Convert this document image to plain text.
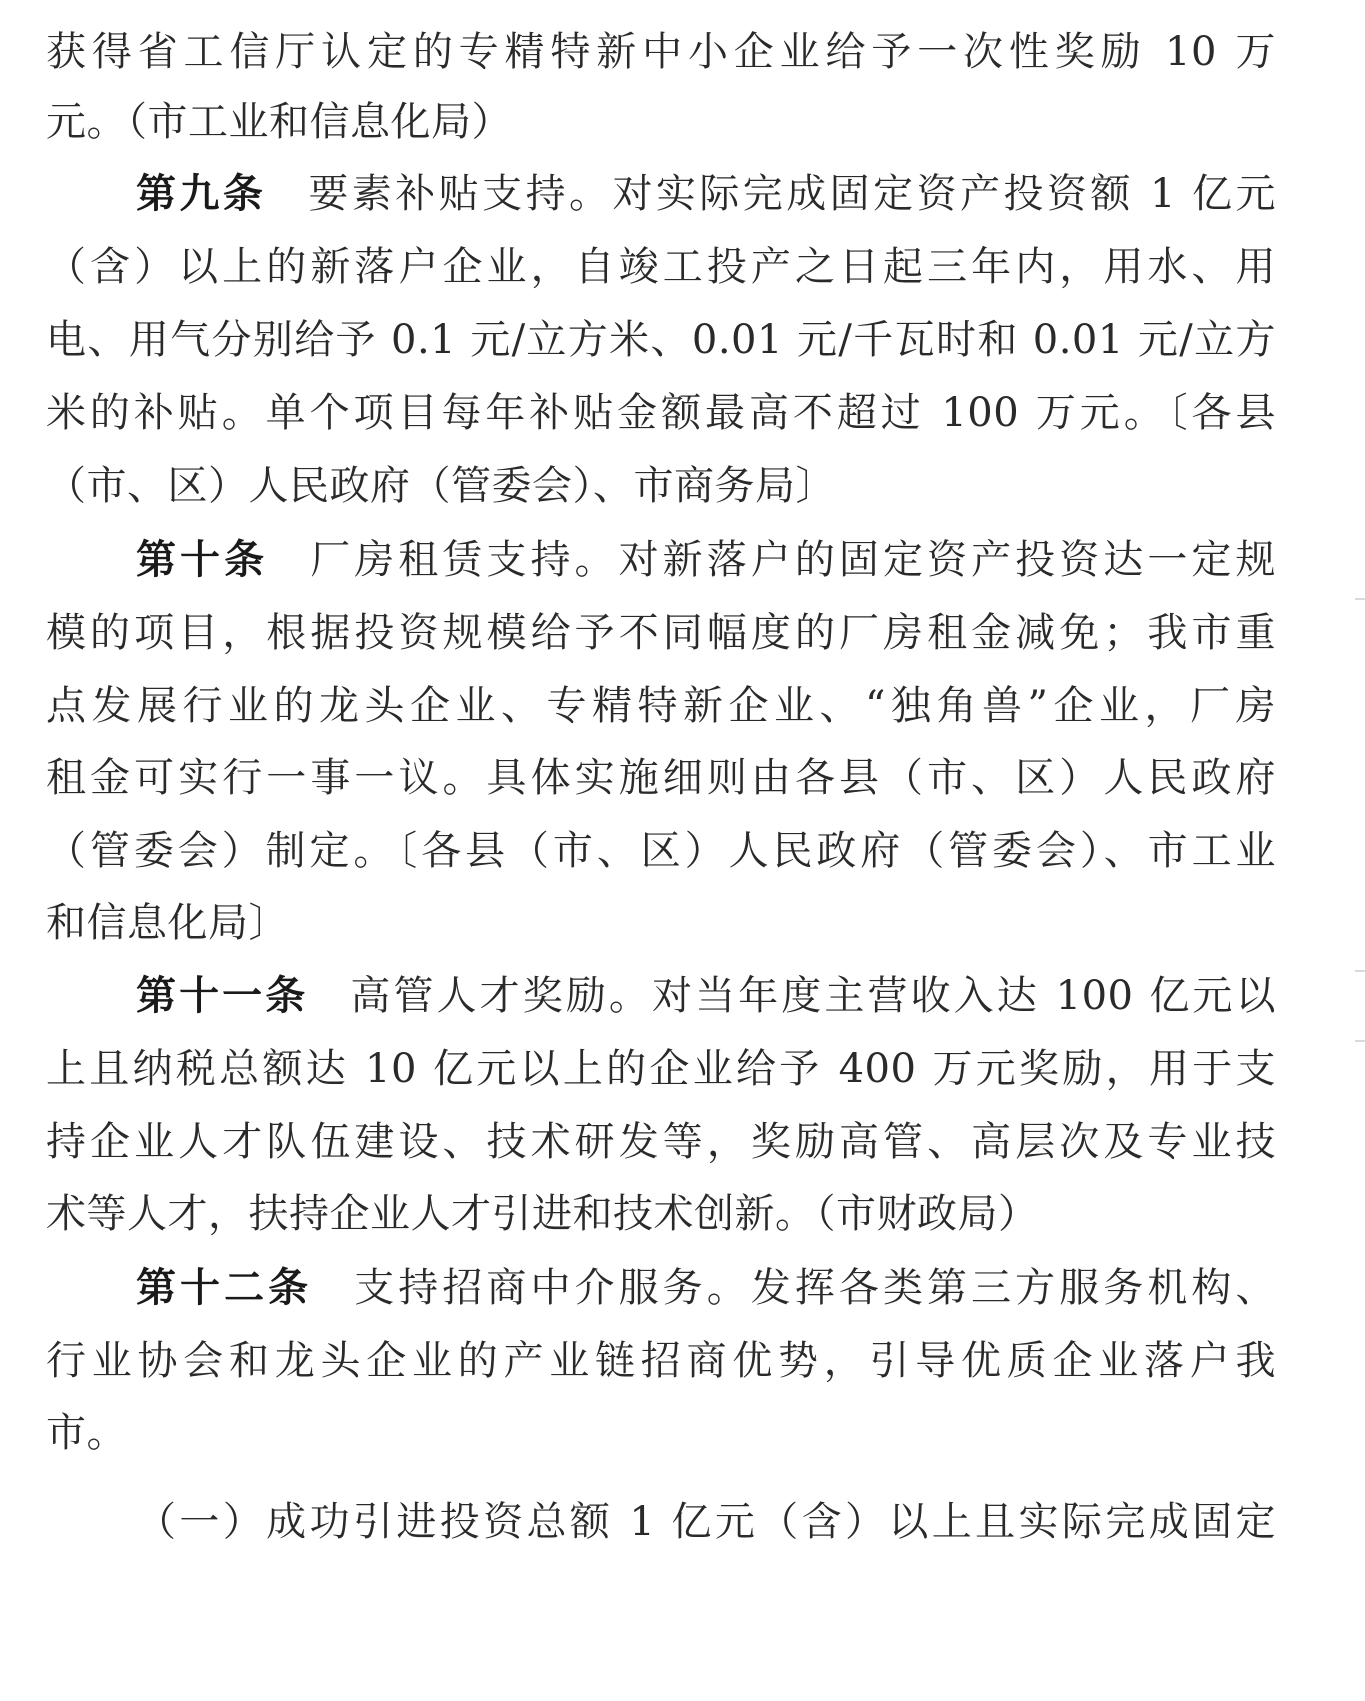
获得省工信厅认定的专精特新中小企业给予一次性奖励 10 万
元。（市工业和信息化局）
第九条 要素补贴支持。对实际完成固定资产投资额 1 亿元
（含）以上的新落户企业，自竣工投产之日起三年内，用水、用
电、用气分别给予 0.1 元/立方米、0.01 元/千瓦时和 0.01 元/立方
米的补贴。单个项目每年补贴金额最高不超过 100 万元。〔各县
（市、区）人民政府（管委会）、市商务局〕
第十条 厂房租赁支持。对新落户的固定资产投资达一定规
模的项目，根据投资规模给予不同幅度的厂房租金减免；我市重
点发展行业的龙头企业、专精特新企业、“独角兽”企业，厂房
租金可实行一事一议。具体实施细则由各县（市、区）人民政府
（管委会）制定。〔各县（市、区）人民政府（管委会）、市工业
和信息化局〕
第十一条 高管人才奖励。对当年度主营收入达 100 亿元以
上且纳税总额达 10 亿元以上的企业给予 400 万元奖励，用于支
持企业人才队伍建设、技术研发等，奖励高管、高层次及专业技
术等人才，扶持企业人才引进和技术创新。（市财政局）
第十二条 支持招商中介服务。发挥各类第三方服务机构、
行业协会和龙头企业的产业链招商优势，引导优质企业落户我
市。
（一）成功引进投资总额 1 亿元（含）以上且实际完成固定
